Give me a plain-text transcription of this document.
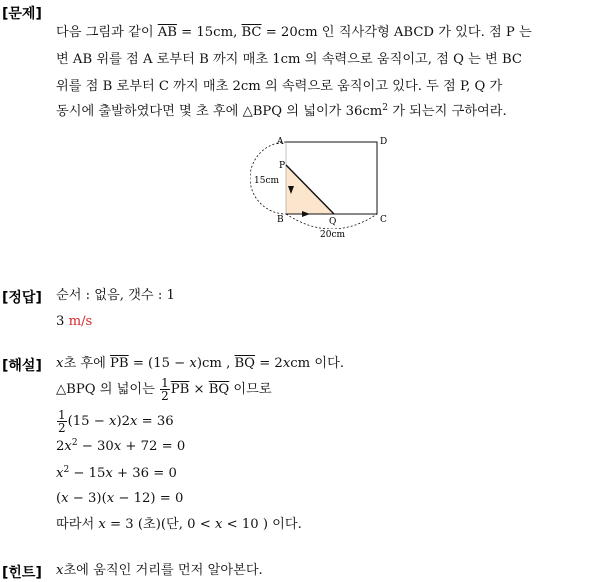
[문제]
다음 그림과 같이 $\overline{AB} = 15cm$, $\overline{BC} = 20cm$ 인 직사각형 ABCD 가 있다. 점 P 는
변 AB 위를 점 A 로부터 B 까지 매초 1cm 의 속력으로 움직이고, 점 Q 는 변 BC
위를 점 B 로부터 C 까지 매초 2cm 의 속력으로 움직이고 있다. 두 점 P, Q 가
동시에 출발하였다면 몇 초 후에 △BPQ 의 넓이가 $36cm^2$ 가 되는지 구하여라.
A	D
P
B	Q	C
15cm
20cm
[정답] 순서 : 없음, 갯수 : 1
3 m/s
[해설] x초 후에 $\overline{PB} = (15 - x)cm$ , $\overline{BQ} = 2xcm$ 이다.
△BPQ 의 넓이는 $\frac{1}{2} \overline{PB} \times \overline{BQ}$ 이므로
$\frac{1}{2} (15 - x)2x = 36$
$2x^2 - 30x + 72 = 0$
$x^2 - 15x + 36 = 0$
(x − 3)(x − 12) = 0
따라서 x = 3 (초)(단, 0 < x < 10 ) 이다.
[힌트] x초에 움직인 거리를 먼저 알아본다.
